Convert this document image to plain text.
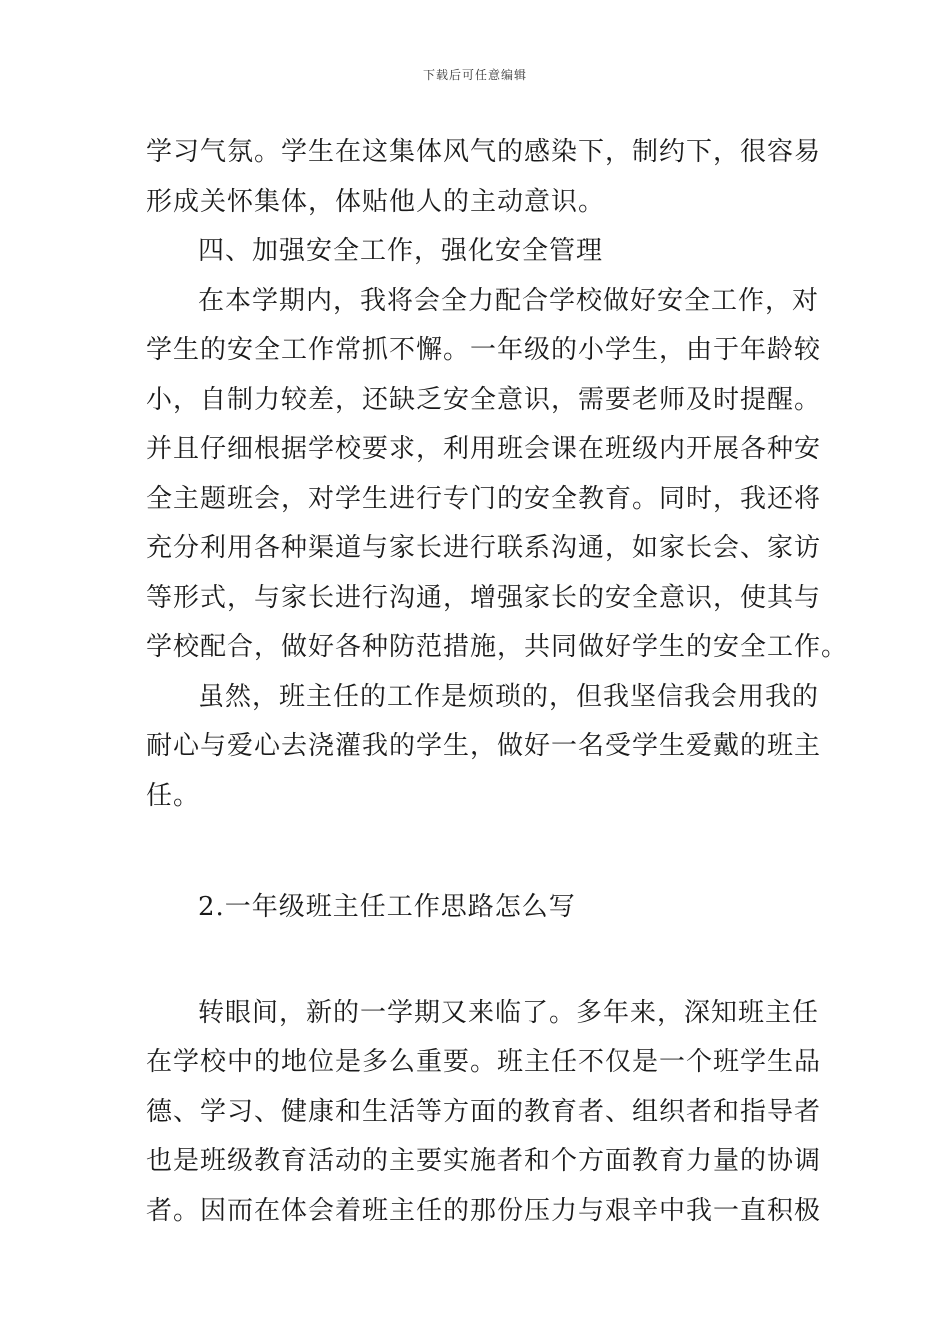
下载后可任意编辑
学习气氛。学生在这集体风气的感染下，制约下，很容易
形成关怀集体，体贴他人的主动意识。
四、加强安全工作，强化安全管理
在本学期内，我将会全力配合学校做好安全工作，对
学生的安全工作常抓不懈。一年级的小学生，由于年龄较
小，自制力较差，还缺乏安全意识，需要老师及时提醒。
并且仔细根据学校要求，利用班会课在班级内开展各种安
全主题班会，对学生进行专门的安全教育。同时，我还将
充分利用各种渠道与家长进行联系沟通，如家长会、家访
等形式，与家长进行沟通，增强家长的安全意识，使其与
学校配合，做好各种防范措施，共同做好学生的安全工作。
虽然，班主任的工作是烦琐的，但我坚信我会用我的
耐心与爱心去浇灌我的学生，做好一名受学生爱戴的班主
任。
2.一年级班主任工作思路怎么写
转眼间，新的一学期又来临了。多年来，深知班主任
在学校中的地位是多么重要。班主任不仅是一个班学生品
德、学习、健康和生活等方面的教育者、组织者和指导者
也是班级教育活动的主要实施者和个方面教育力量的协调
者。因而在体会着班主任的那份压力与艰辛中我一直积极
